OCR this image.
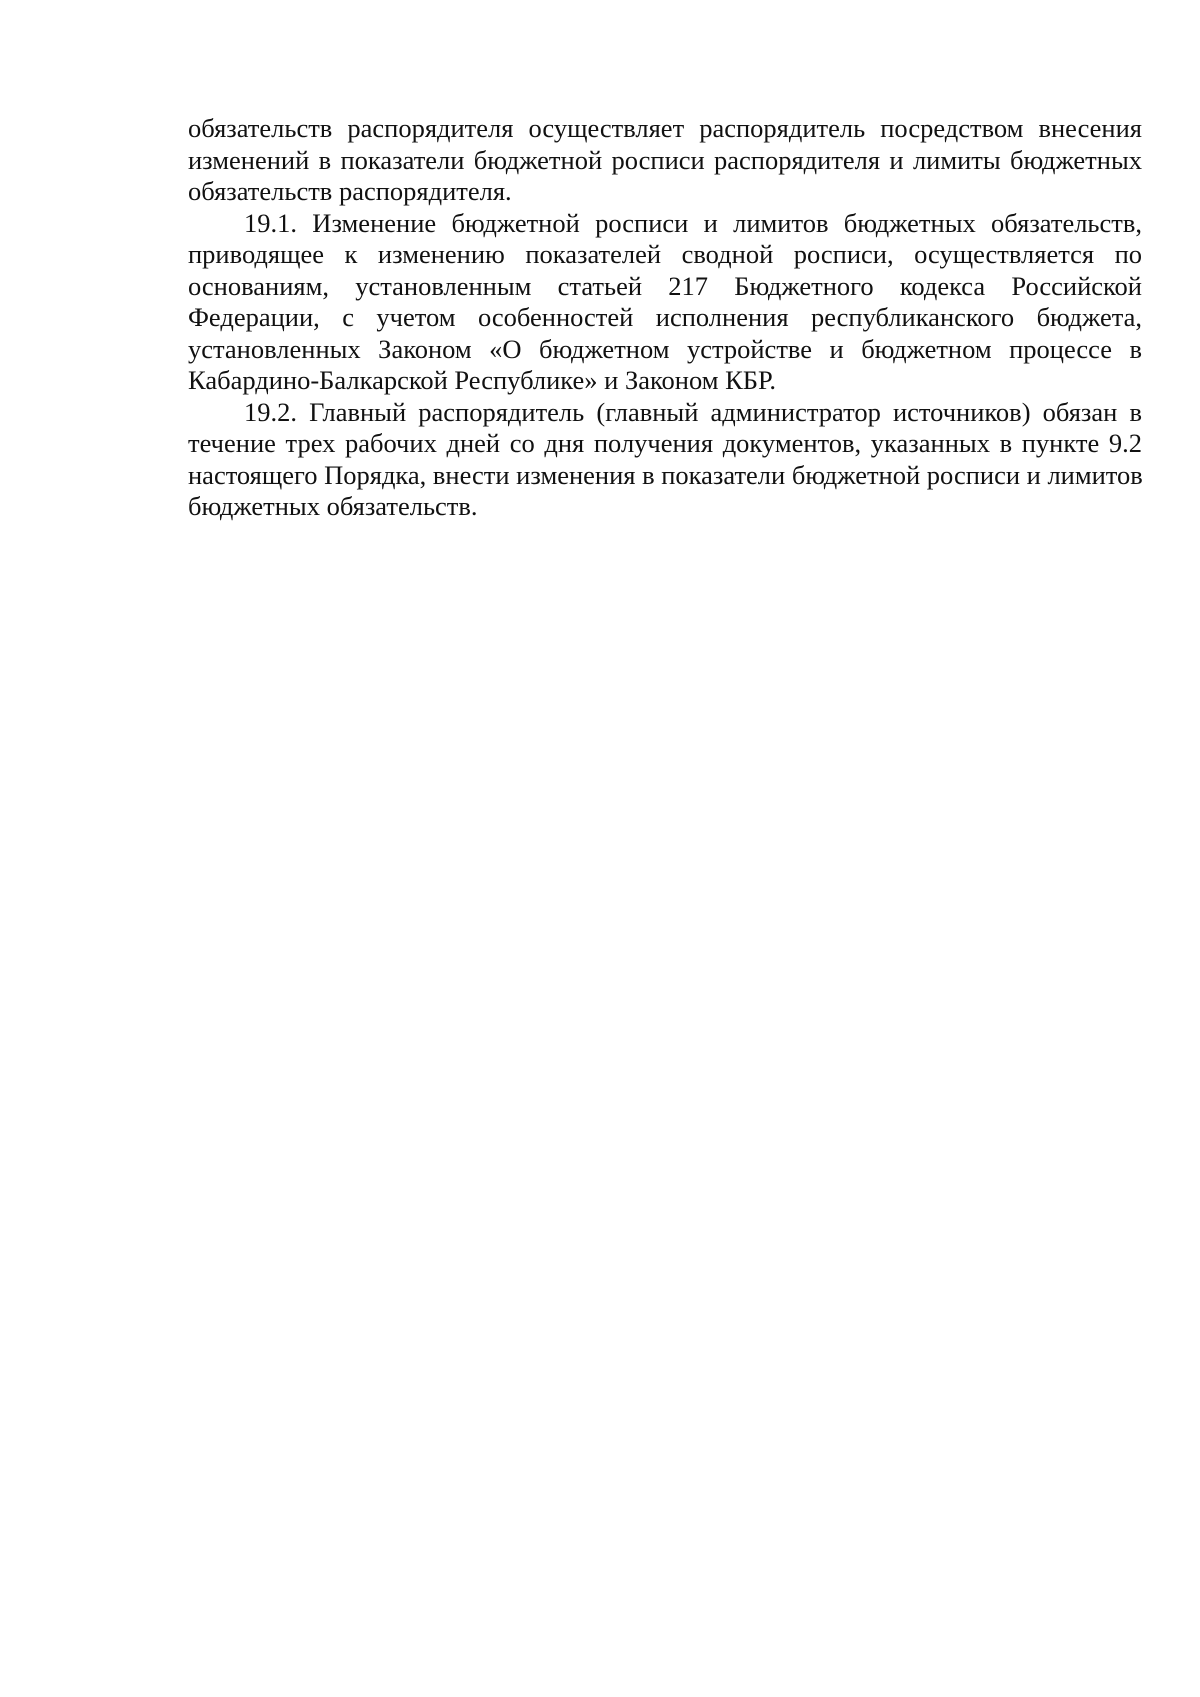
обязательств распорядителя осуществляет распорядитель посредством внесения
изменений в показатели бюджетной росписи распорядителя и лимиты бюджетных
обязательств распорядителя.

19.1. Изменение бюджетной росписи и лимитов бюджетных обязательств,
приводящее к изменению показателей сводной росписи, осуществляется по
основаниям, установленным статьей 217 Бюджетного кодекса Российской
Федерации, с учетом особенностей исполнения республиканского бюджета,
установленных Законом «О бюджетном устройстве и бюджетном процессе в
Кабардино-Балкарской Республике» и Законом КБР.

19.2. Главный распорядитель (главный администратор источников) обязан в
течение трех рабочих дней со дня получения документов, указанных в пункте 9.2
настоящего Порядка, внести изменения в показатели бюджетной росписи и лимитов
бюджетных обязательств.
